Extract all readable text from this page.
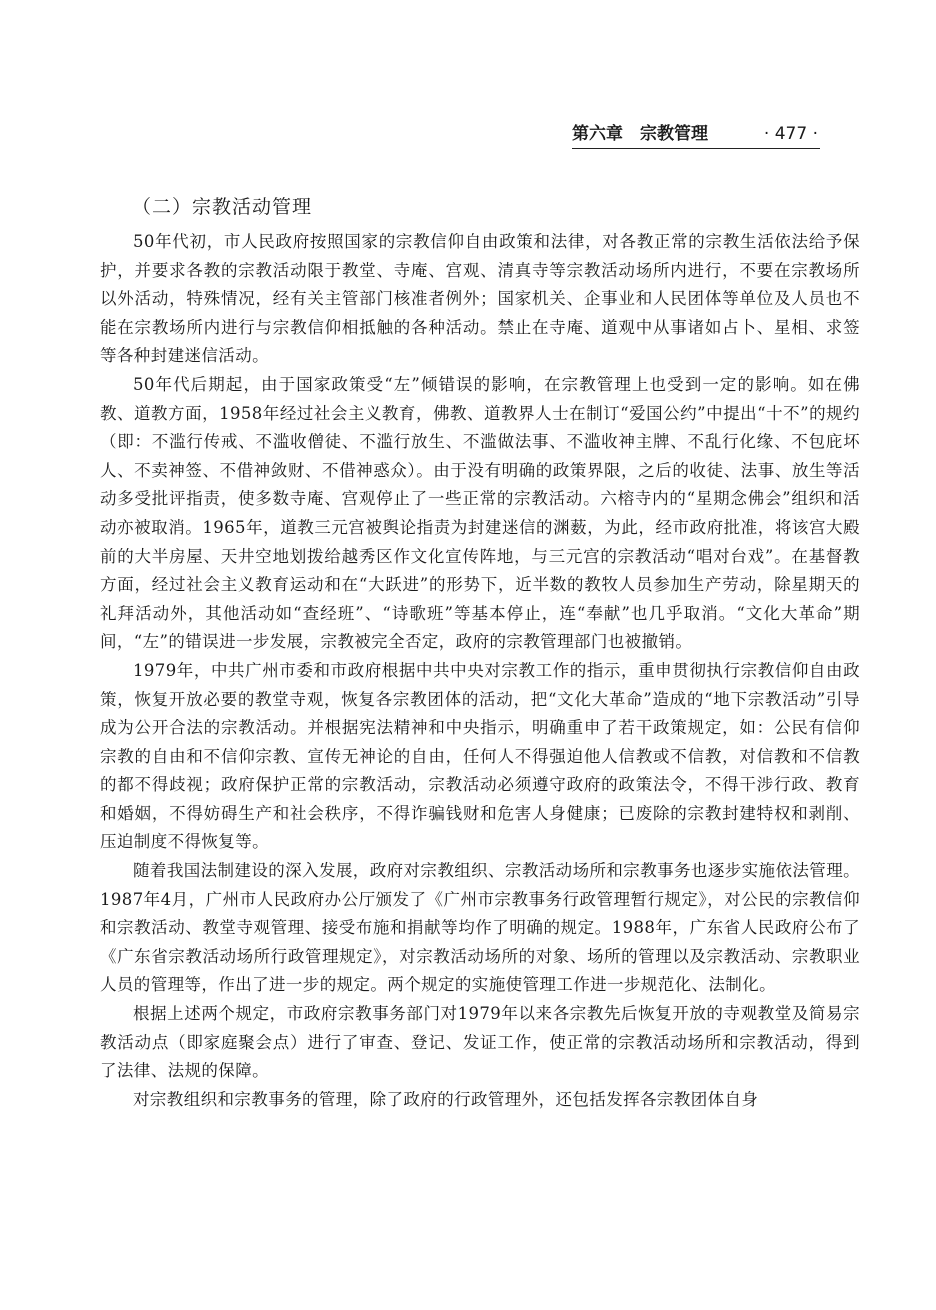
第六章　宗教管理	· 477 ·
（二）宗教活动管理

50年代初，市人民政府按照国家的宗教信仰自由政策和法律，对各教正常的宗教生活依法给予保护，并要求各教的宗教活动限于教堂、寺庵、宫观、清真寺等宗教活动场所内进行，不要在宗教场所以外活动，特殊情况，经有关主管部门核准者例外；国家机关、企事业和人民团体等单位及人员也不能在宗教场所内进行与宗教信仰相抵触的各种活动。禁止在寺庵、道观中从事诸如占卜、星相、求签等各种封建迷信活动。

50年代后期起，由于国家政策受“左”倾错误的影响，在宗教管理上也受到一定的影响。如在佛教、道教方面，1958年经过社会主义教育，佛教、道教界人士在制订“爱国公约”中提出“十不”的规约（即：不滥行传戒、不滥收僧徒、不滥行放生、不滥做法事、不滥收神主牌、不乱行化缘、不包庇坏人、不卖神签、不借神敛财、不借神惑众）。由于没有明确的政策界限，之后的收徒、法事、放生等活动多受批评指责，使多数寺庵、宫观停止了一些正常的宗教活动。六榕寺内的“星期念佛会”组织和活动亦被取消。1965年，道教三元宫被舆论指责为封建迷信的渊薮，为此，经市政府批准，将该宫大殿前的大半房屋、天井空地划拨给越秀区作文化宣传阵地，与三元宫的宗教活动“唱对台戏”。在基督教方面，经过社会主义教育运动和在“大跃进”的形势下，近半数的教牧人员参加生产劳动，除星期天的礼拜活动外，其他活动如“查经班”、“诗歌班”等基本停止，连“奉献”也几乎取消。“文化大革命”期间，“左”的错误进一步发展，宗教被完全否定，政府的宗教管理部门也被撤销。

1979年，中共广州市委和市政府根据中共中央对宗教工作的指示，重申贯彻执行宗教信仰自由政策，恢复开放必要的教堂寺观，恢复各宗教团体的活动，把“文化大革命”造成的“地下宗教活动”引导成为公开合法的宗教活动。并根据宪法精神和中央指示，明确重申了若干政策规定，如：公民有信仰宗教的自由和不信仰宗教、宣传无神论的自由，任何人不得强迫他人信教或不信教，对信教和不信教的都不得歧视；政府保护正常的宗教活动，宗教活动必须遵守政府的政策法令，不得干涉行政、教育和婚姻，不得妨碍生产和社会秩序，不得诈骗钱财和危害人身健康；已废除的宗教封建特权和剥削、压迫制度不得恢复等。

随着我国法制建设的深入发展，政府对宗教组织、宗教活动场所和宗教事务也逐步实施依法管理。1987年4月，广州市人民政府办公厅颁发了《广州市宗教事务行政管理暂行规定》，对公民的宗教信仰和宗教活动、教堂寺观管理、接受布施和捐献等均作了明确的规定。1988年，广东省人民政府公布了《广东省宗教活动场所行政管理规定》，对宗教活动场所的对象、场所的管理以及宗教活动、宗教职业人员的管理等，作出了进一步的规定。两个规定的实施使管理工作进一步规范化、法制化。

根据上述两个规定，市政府宗教事务部门对1979年以来各宗教先后恢复开放的寺观教堂及简易宗教活动点（即家庭聚会点）进行了审查、登记、发证工作，使正常的宗教活动场所和宗教活动，得到了法律、法规的保障。

对宗教组织和宗教事务的管理，除了政府的行政管理外，还包括发挥各宗教团体自身
